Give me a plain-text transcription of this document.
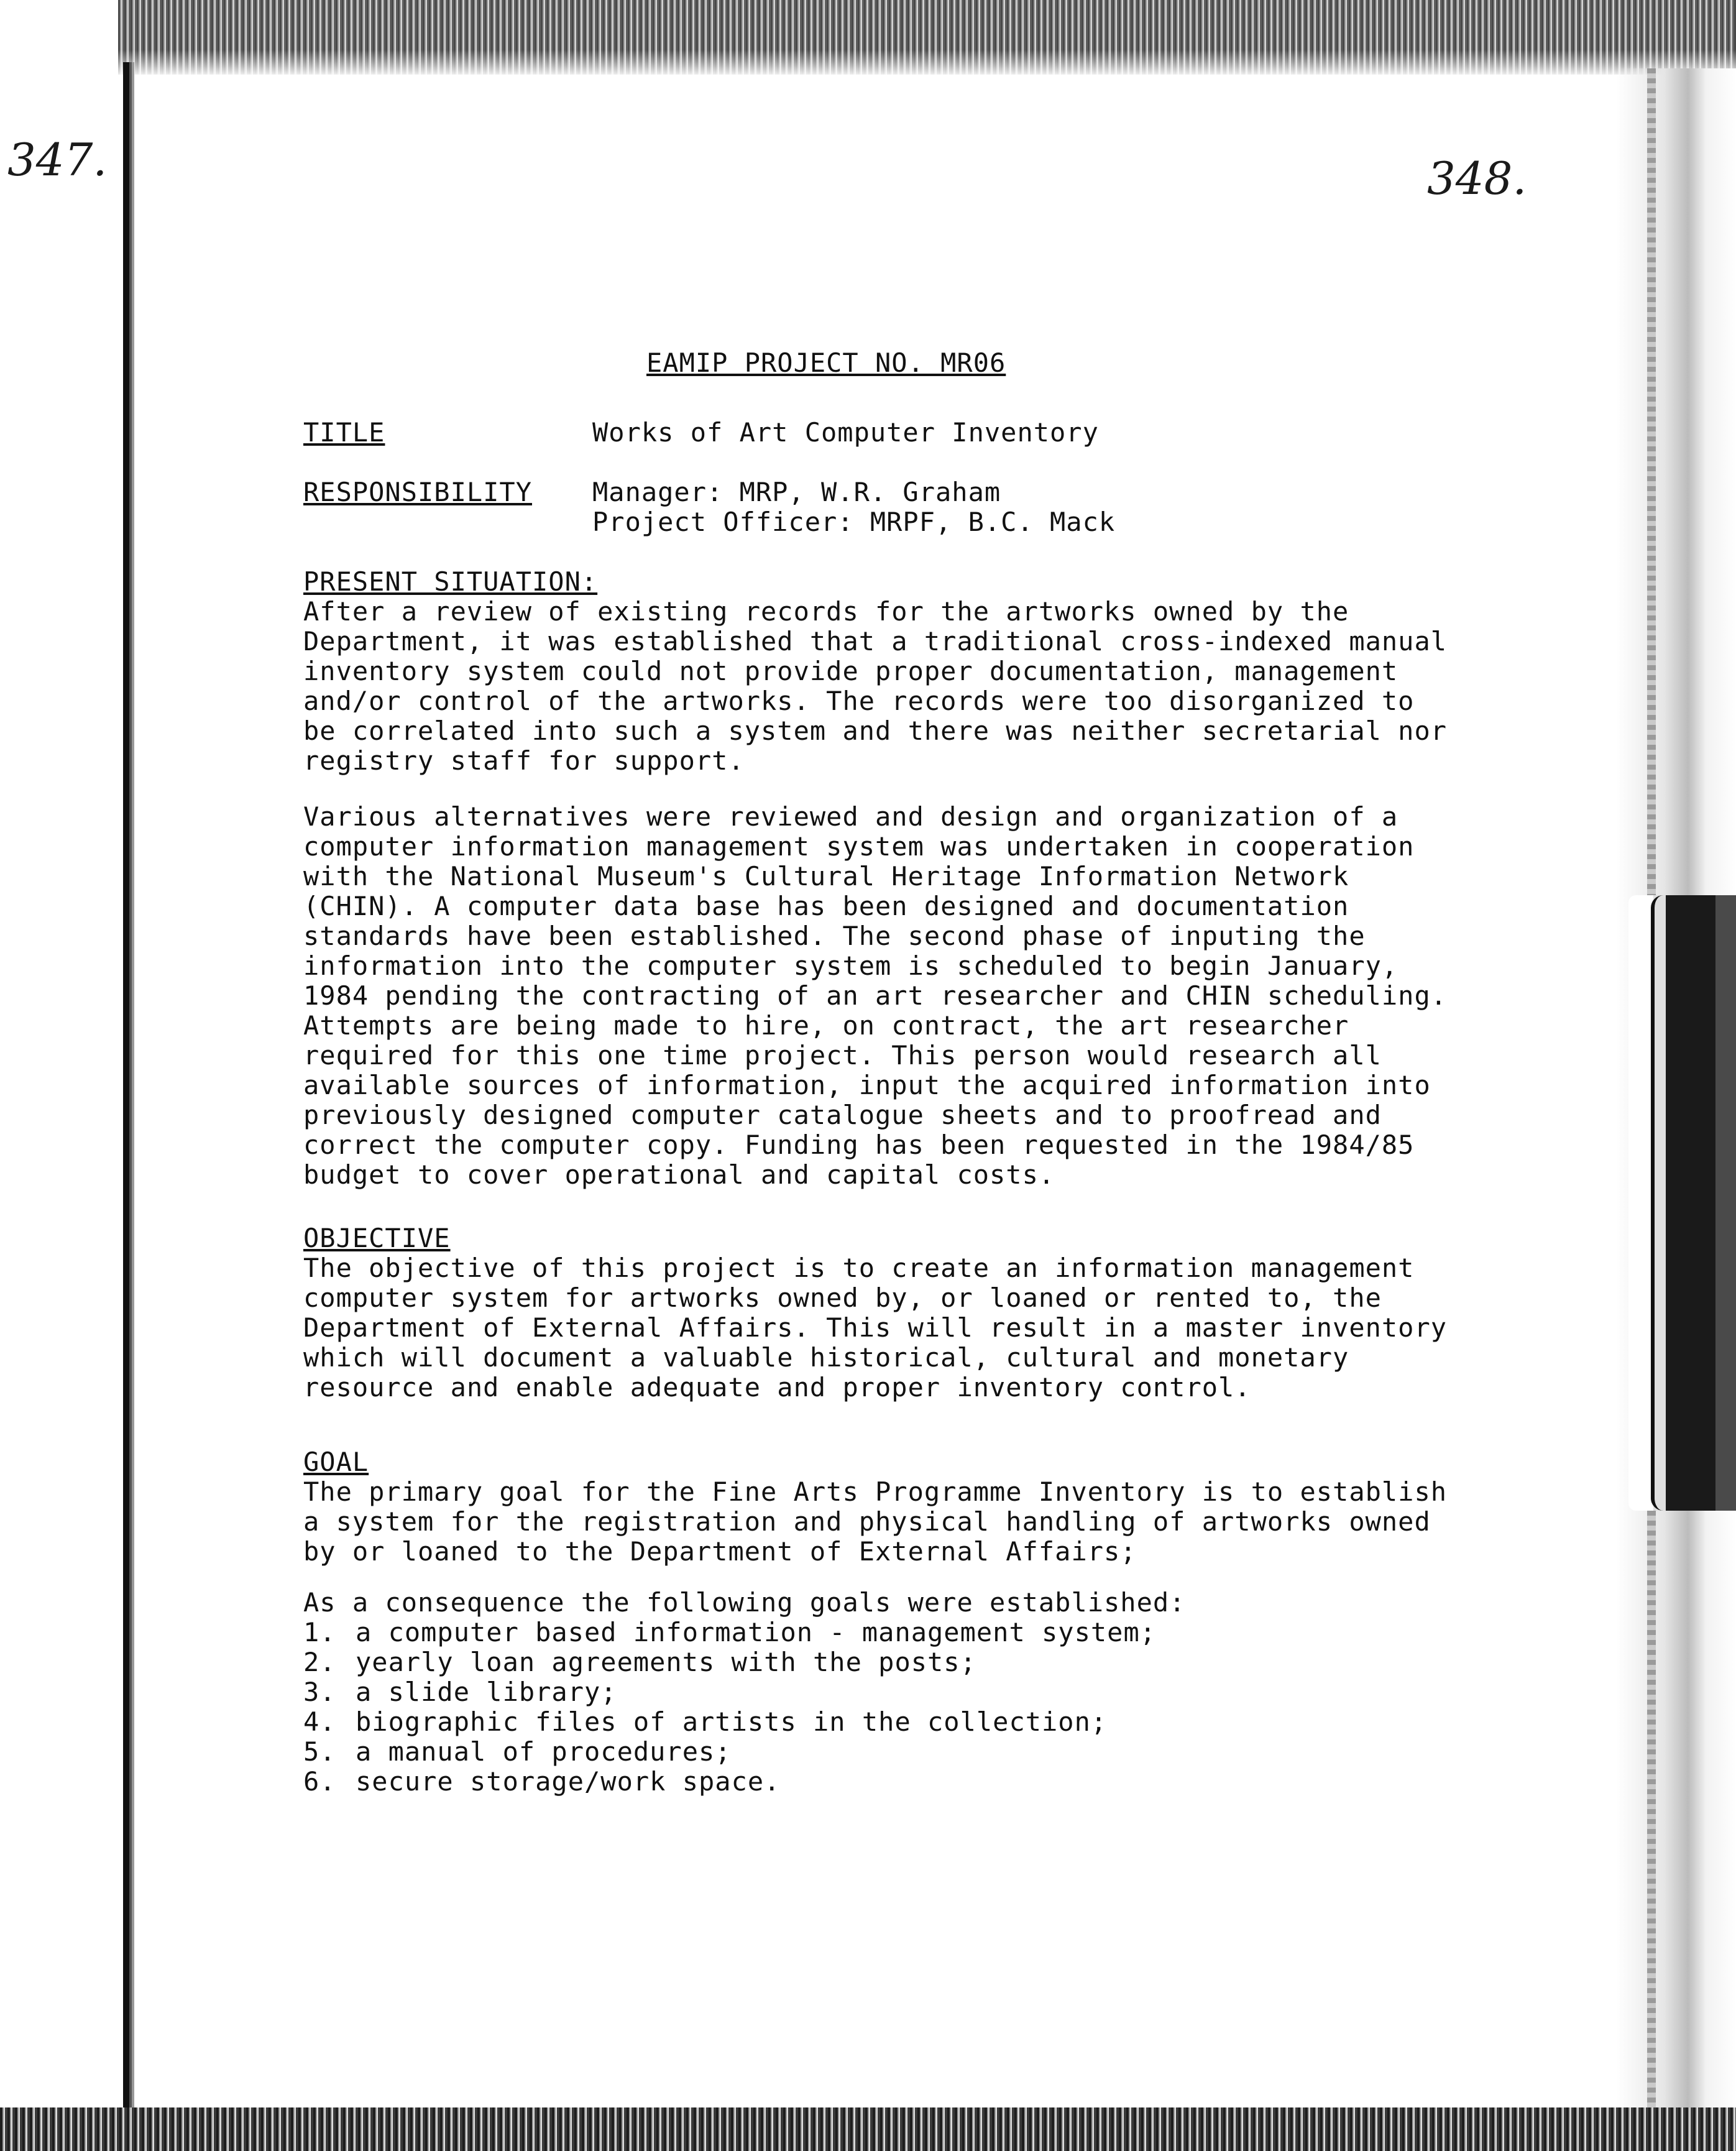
347.	348.
EAMIP PROJECT NO. MR06
TITLE	Works of Art Computer Inventory
RESPONSIBILITY Manager: MRP, W.R. Graham
Project Officer: MRPF, B.C. Mack
PRESENT SITUATION:
After a review of existing records for the artworks owned by the
Department, it was established that a traditional cross-indexed manual
inventory system could not provide proper documentation, management
and/or control of the artworks. The records were too disorganized to
be correlated into such a system and there was neither secretarial nor
registry staff for support.
Various alternatives were reviewed and design and organization of a
computer information management system was undertaken in cooperation
with the National Museum's Cultural Heritage Information Network
(CHIN). A computer data base has been designed and documentation
standards have been established. The second phase of inputing the
information into the computer system is scheduled to begin January,
1984 pending the contracting of an art researcher and CHIN scheduling.
Attempts are being made to hire, on contract, the art researcher
required for this one time project. This person would research all
available sources of information, input the acquired information into
previously designed computer catalogue sheets and to proofread and
correct the computer copy. Funding has been requested in the 1984/85
budget to cover operational and capital costs.
OBJECTIVE
The objective of this project is to create an information management
computer system for artworks owned by, or loaned or rented to, the
Department of External Affairs. This will result in a master inventory
which will document a valuable historical, cultural and monetary
resource and enable adequate and proper inventory control.
GOAL
The primary goal for the Fine Arts Programme Inventory is to establish
a system for the registration and physical handling of artworks owned
by or loaned to the Department of External Affairs;
As a consequence the following goals were established:
1. a computer based information - management system;
2. yearly loan agreements with the posts;
3. a slide library;
4. biographic files of artists in the collection;
5. a manual of procedures;
6. secure storage/work space.
